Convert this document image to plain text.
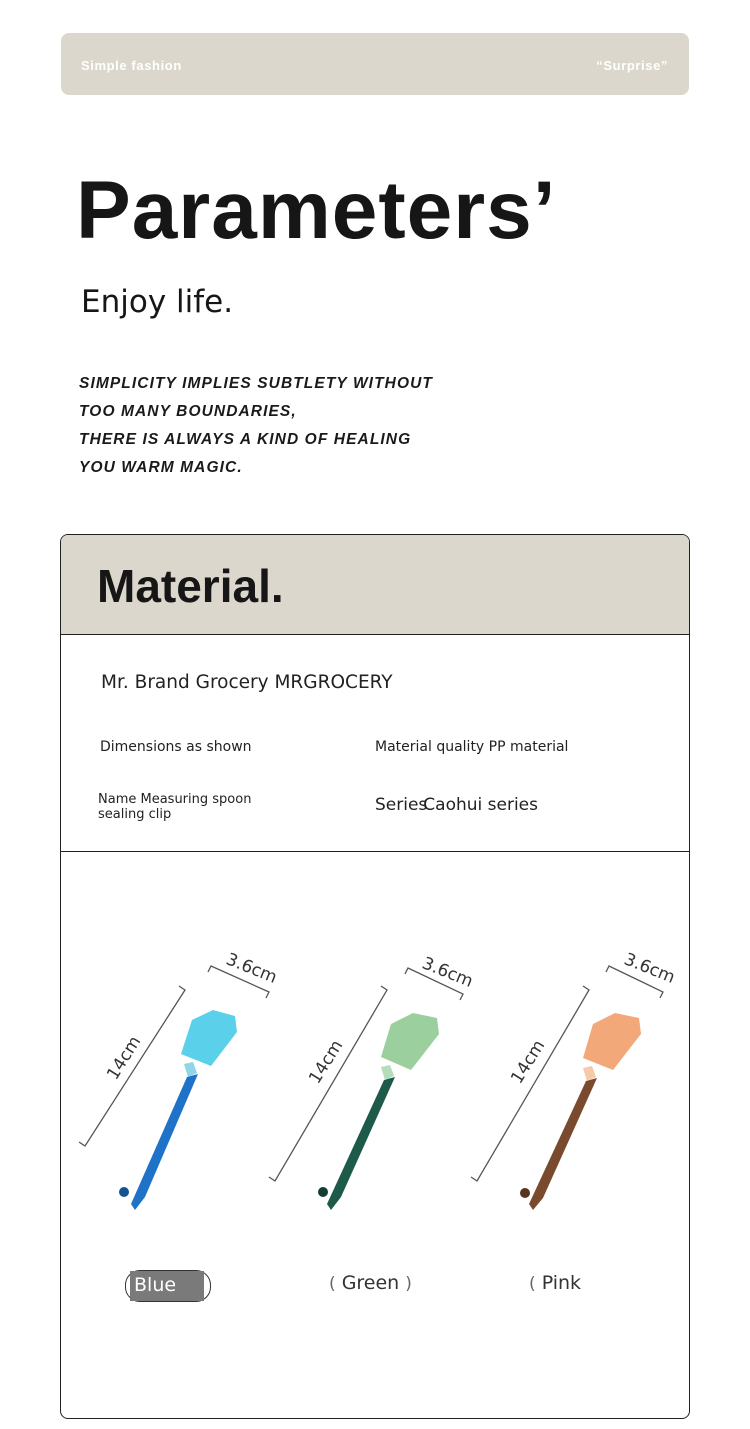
Simple fashion	“Surprise”
Parameters’

Enjoy life.

SIMPLICITY IMPLIES SUBTLETY WITHOUT
TOO MANY BOUNDARIES,
THERE IS ALWAYS A KIND OF HEALING
YOU WARM MAGIC.
Material.
Mr. Brand Grocery MRGROCERY
Dimensions as shown	Material quality PP material
Name Measuring spoon sealing clip	SeriesCaohui series
14cm
3.6cm
14cm
3.6cm
14cm
3.6cm
Blue	( Green )	( Pink
